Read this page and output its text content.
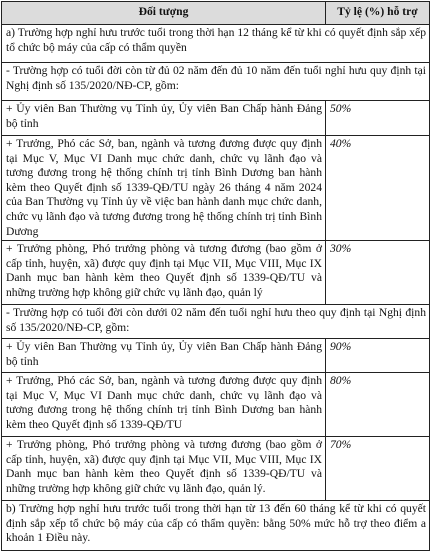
Đối tượng	Tỷ lệ (%) hỗ trợ
a) Trường hợp nghỉ hưu trước tuổi trong thời hạn 12 tháng kể từ khi có quyết định sắp xếp tổ chức bộ máy của cấp có thẩm quyền	
- Trường hợp có tuổi đời còn từ đủ 02 năm đến đủ 10 năm đến tuổi nghỉ hưu quy định tại Nghị định số 135/2020/NĐ-CP, gồm:	
+ Ủy viên Ban Thường vụ Tỉnh ủy, Ủy viên Ban Chấp hành Đảng bộ tỉnh	50%
+ Trưởng, Phó các Sở, ban, ngành và tương đương được quy định tại Mục V, Mục VI Danh mục chức danh, chức vụ lãnh đạo và tương đương trong hệ thống chính trị tỉnh Bình Dương ban hành kèm theo Quyết định số 1339-QĐ/TU ngày 26 tháng 4 năm 2024 của Ban Thường vụ Tỉnh ủy về việc ban hành danh mục chức danh, chức vụ lãnh đạo và tương đương trong hệ thống chính trị tỉnh Bình Dương	40%
+ Trưởng phòng, Phó trưởng phòng và tương đương (bao gồm ở cấp tỉnh, huyện, xã) được quy định tại Mục VII, Mục VIII, Mục IX Danh mục ban hành kèm theo Quyết định số 1339-QĐ/TU và những trường hợp không giữ chức vụ lãnh đạo, quản lý	30%
- Trường hợp có tuổi đời còn dưới 02 năm đến tuổi nghỉ hưu theo quy định tại Nghị định số 135/2020/NĐ-CP, gồm:	
+ Ủy viên Ban Thường vụ Tỉnh ủy, Ủy viên Ban Chấp hành Đảng bộ tỉnh	90%
+ Trưởng, Phó các Sở, ban, ngành và tương đương được quy định tại Mục V, Mục VI Danh mục chức danh, chức vụ lãnh đạo và tương đương trong hệ thống chính trị tỉnh Bình Dương ban hành kèm theo Quyết định số 1339-QĐ/TU	80%
+ Trưởng phòng, Phó trưởng phòng và tương đương (bao gồm ở cấp tỉnh, huyện, xã) được quy định tại Mục VII, Mục VIII, Mục IX Danh mục ban hành kèm theo Quyết định số 1339-QĐ/TU và những trường hợp không giữ chức vụ lãnh đạo, quản lý.	70%
b) Trường hợp nghỉ hưu trước tuổi trong thời hạn từ 13 đến 60 tháng kể từ khi có quyết định sắp xếp tổ chức bộ máy của cấp có thẩm quyền: bằng 50% mức hỗ trợ theo điểm a khoản 1 Điều này.	
